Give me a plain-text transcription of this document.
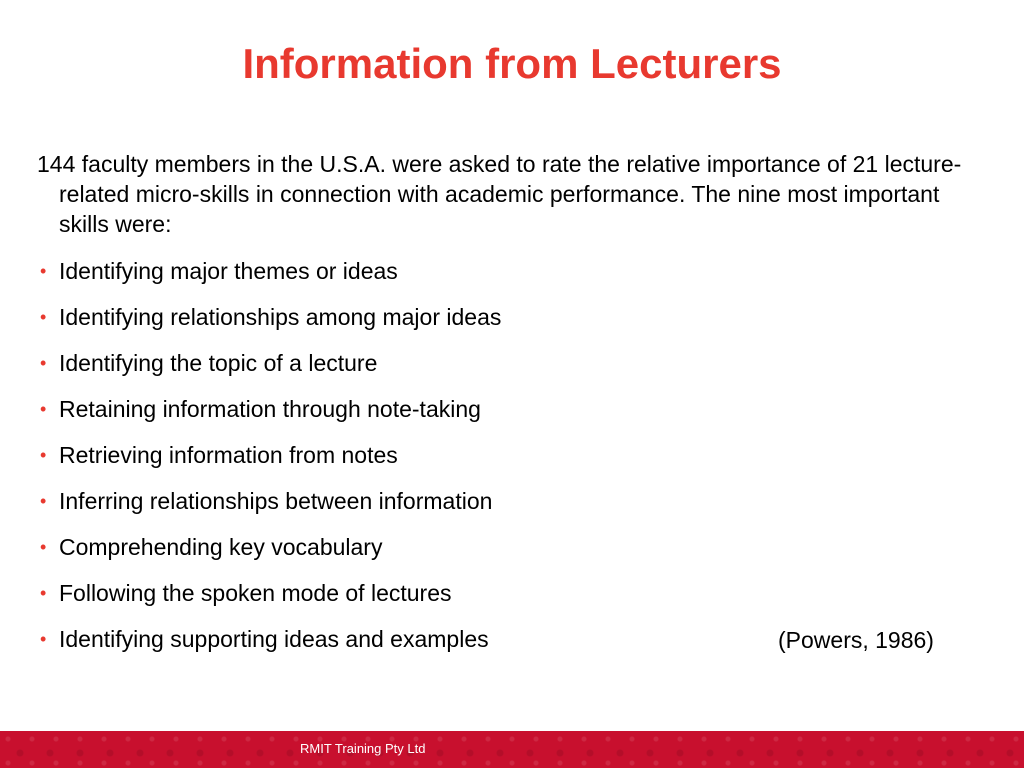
Information from Lecturers

144 faculty members in the U.S.A. were asked to rate the relative importance of 21 lecture-related micro-skills in connection with academic performance. The nine most important skills were:

• Identifying major themes or ideas
• Identifying relationships among major ideas
• Identifying the topic of a lecture
• Retaining information through note-taking
• Retrieving information from notes
• Inferring relationships between information
• Comprehending key vocabulary
• Following the spoken mode of lectures
• Identifying supporting ideas and examples	(Powers, 1986)
RMIT Training Pty Ltd
